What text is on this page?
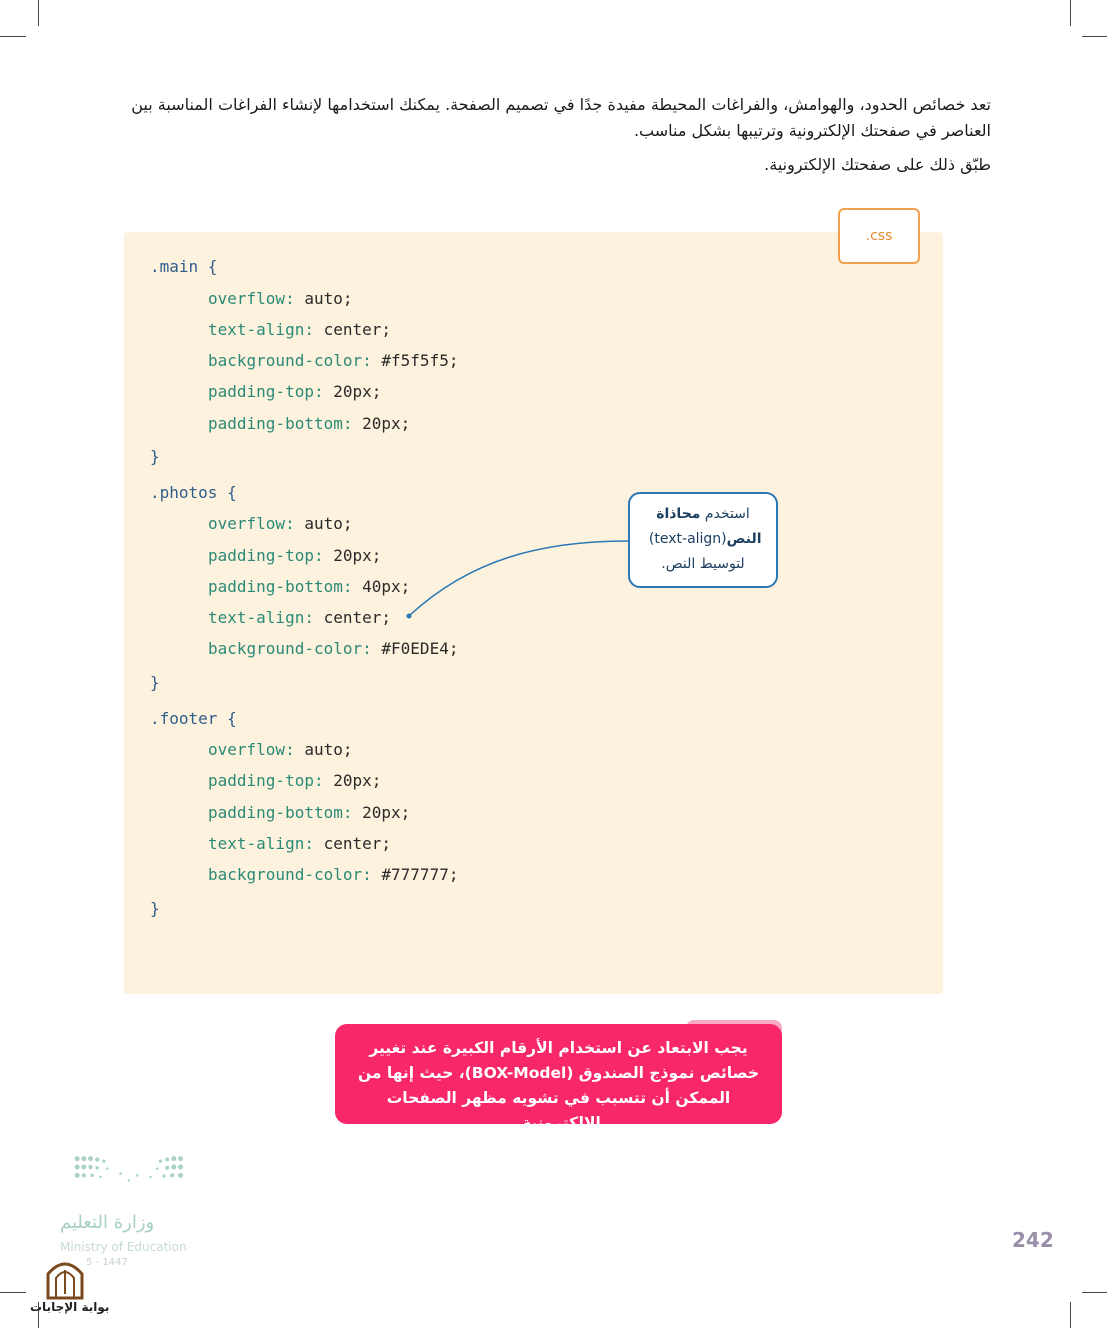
تعد خصائص الحدود، والهوامش، والفراغات المحيطة مفيدة جدًا في تصميم الصفحة. يمكنك استخدامها لإنشاء الفراغات المناسبة بين العناصر في صفحتك الإلكترونية وترتيبها بشكل مناسب.
طبّق ذلك على صفحتك الإلكترونية.
.css
.main {
overflow: auto;
text-align: center;
background-color: #f5f5f5;
padding-top: 20px;
padding-bottom: 20px;
}
.photos {
overflow: auto;
padding-top: 20px;
padding-bottom: 40px;
text-align: center;
background-color: #F0EDE4;
}
.footer {
overflow: auto;
padding-top: 20px;
padding-bottom: 20px;
text-align: center;
background-color: #777777;
}
استخدم محاذاة
النص (text-align)
لتوسيط النص.
يجب الابتعاد عن استخدام الأرقام الكبيرة عند تغيير خصائص نموذج الصندوق (BOX-Model)، حيث إنها من الممكن أن تتسبب في تشويه مظهر الصفحات الإلكترونية.
242
وزارة التعليم
Ministry of Education
5 - 1447
بوابة الإجابات
